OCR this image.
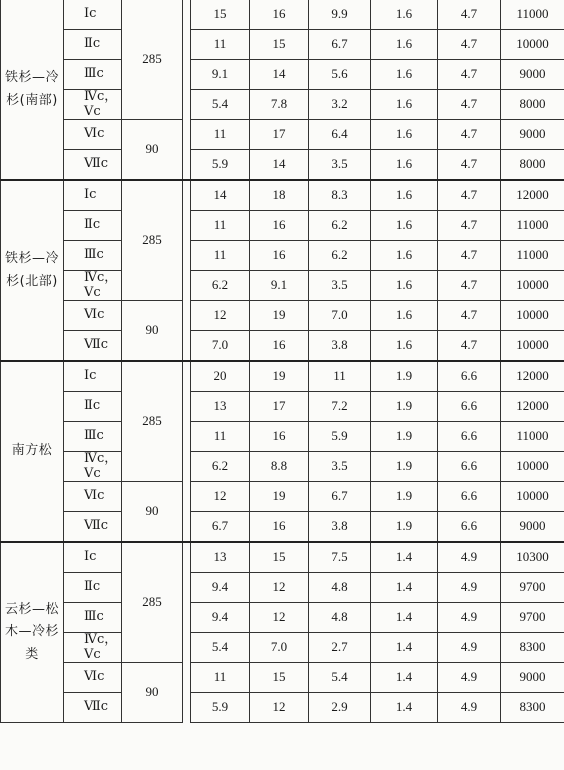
铁杉—冷杉(南部)	Ⅰc	285		15	16	9.9	1.6	4.7	11000
	Ⅱc			11	15	6.7	1.6	4.7	10000
	Ⅲc			9.1	14	5.6	1.6	4.7	9000
	Ⅳc，Ⅴc			5.4	7.8	3.2	1.6	4.7	8000
	Ⅵc	90		11	17	6.4	1.6	4.7	9000
	Ⅶc			5.9	14	3.5	1.6	4.7	8000
铁杉—冷杉(北部)	Ⅰc	285		14	18	8.3	1.6	4.7	12000
	Ⅱc			11	16	6.2	1.6	4.7	11000
	Ⅲc			11	16	6.2	1.6	4.7	11000
	Ⅳc，Ⅴc			6.2	9.1	3.5	1.6	4.7	10000
	Ⅵc	90		12	19	7.0	1.6	4.7	10000
	Ⅶc			7.0	16	3.8	1.6	4.7	10000
南方松	Ⅰc	285		20	19	11	1.9	6.6	12000
	Ⅱc			13	17	7.2	1.9	6.6	12000
	Ⅲc			11	16	5.9	1.9	6.6	11000
	Ⅳc，Ⅴc			6.2	8.8	3.5	1.9	6.6	10000
	Ⅵc	90		12	19	6.7	1.9	6.6	10000
	Ⅶc			6.7	16	3.8	1.9	6.6	9000
云杉—松木—冷杉类	Ⅰc	285		13	15	7.5	1.4	4.9	10300
	Ⅱc			9.4	12	4.8	1.4	4.9	9700
	Ⅲc			9.4	12	4.8	1.4	4.9	9700
	Ⅳc，Ⅴc			5.4	7.0	2.7	1.4	4.9	8300
	Ⅵc	90		11	15	5.4	1.4	4.9	9000
	Ⅶc			5.9	12	2.9	1.4	4.9	8300
